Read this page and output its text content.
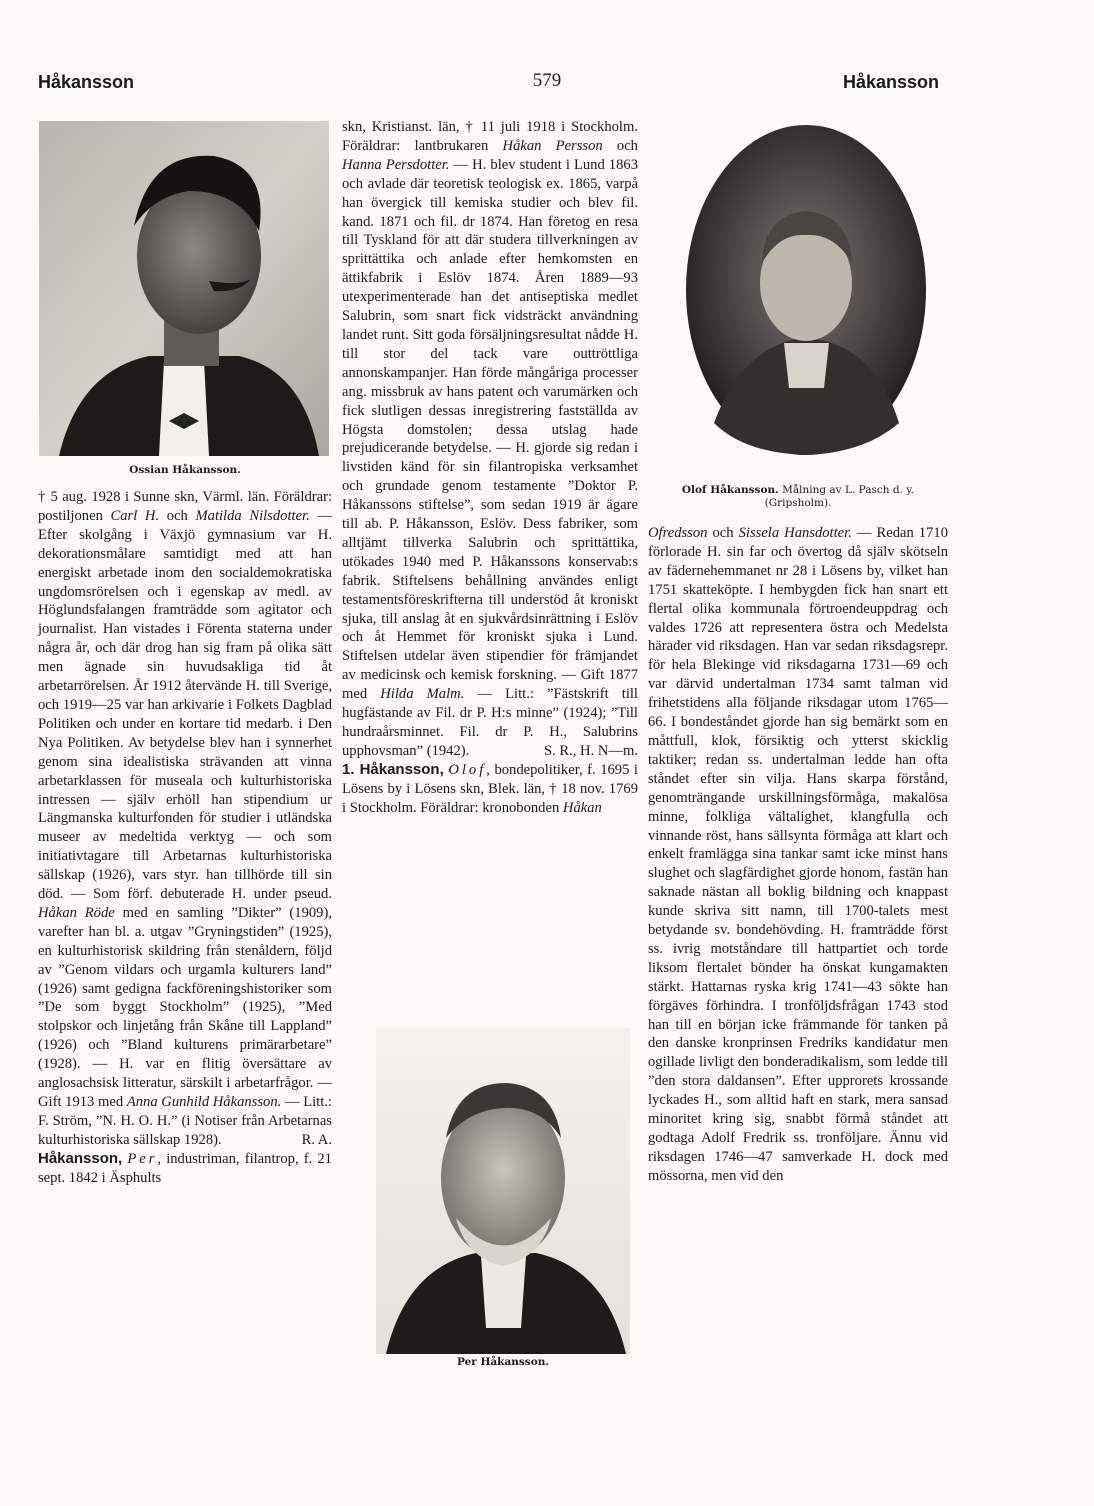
Håkansson	579	Håkansson
Ossian Håkansson.
Olof Håkansson. Målning av L. Pasch d. y.
(Gripsholm).
Per Håkansson.

† 5 aug. 1928 i Sunne skn, Värml. län. Föräldrar: postiljonen Carl H. och Matilda Nilsdotter. — Efter skolgång i Växjö gymnasium var H. dekorationsmålare samtidigt med att han energiskt arbetade inom den socialdemokratiska ungdomsrörelsen och i egenskap av medl. av Höglundsfalangen framträdde som agitator och journalist. Han vistades i Förenta staterna under några år, och där drog han sig fram på olika sätt men ägnade sin huvudsakliga tid åt arbetarrörelsen. År 1912 återvände H. till Sverige, och 1919—25 var han arkivarie i Folkets Dagblad Politiken och under en kortare tid medarb. i Den Nya Politiken. Av betydelse blev han i synnerhet genom sina idealistiska strävanden att vinna arbetarklassen för museala och kulturhistoriska intressen — själv erhöll han stipendium ur Längmanska kulturfonden för studier i utländska museer av medeltida verktyg — och som initiativtagare till Arbetarnas kulturhistoriska sällskap (1926), vars styr. han tillhörde till sin död. — Som förf. debuterade H. under pseud. Håkan Röde med en samling ”Dikter” (1909), varefter han bl. a. utgav ”Gryningstiden” (1925), en kulturhistorisk skildring från stenåldern, följd av ”Genom vildars och urgamla kulturers land” (1926) samt gedigna fackföreningshistoriker som ”De som byggt Stockholm” (1925), ”Med stolpskor och linjetång från Skåne till Lappland” (1926) och ”Bland kulturens primärarbetare” (1928). — H. var en flitig översättare av anglosachsisk litteratur, särskilt i arbetarfrågor. — Gift 1913 med Anna Gunhild Håkansson. — Litt.: F. Ström, ”N. H. O. H.” (i Notiser från Arbetarnas kulturhistoriska sällskap 1928).	R. A.

Håkansson, Per, industriman, filantrop, f. 21 sept. 1842 i Äsphults

skn, Kristianst. län, † 11 juli 1918 i Stockholm. Föräldrar: lantbrukaren Håkan Persson och Hanna Persdotter. — H. blev student i Lund 1863 och avlade där teoretisk teologisk ex. 1865, varpå han övergick till kemiska studier och blev fil. kand. 1871 och fil. dr 1874. Han företog en resa till Tyskland för att där studera tillverkningen av sprittättika och anlade efter hemkomsten en ättikfabrik i Eslöv 1874. Åren 1889—93 utexperimenterade han det antiseptiska medlet Salubrin, som snart fick vidsträckt användning landet runt. Sitt goda försäljningsresultat nådde H. till stor del tack vare outtröttliga annonskampanjer. Han förde mångåriga processer ang. missbruk av hans patent och varumärken och fick slutligen dessas inregistrering fastställda av Högsta domstolen; dessa utslag hade prejudicerande betydelse. — H. gjorde sig redan i livstiden känd för sin filantropiska verksamhet och grundade genom testamente ”Doktor P. Håkanssons stiftelse”, som sedan 1919 är ägare till ab. P. Håkansson, Eslöv. Dess fabriker, som alltjämt tillverka Salubrin och sprittättika, utökades 1940 med P. Håkanssons konservab:s fabrik. Stiftelsens behållning användes enligt testamentsföreskrifterna till understöd åt kroniskt sjuka, till anslag åt en sjukvårdsinrättning i Eslöv och åt Hemmet för kroniskt sjuka i Lund. Stiftelsen utdelar även stipendier för främjandet av medicinsk och kemisk forskning. — Gift 1877 med Hilda Malm. — Litt.: ”Fästskrift till hugfästande av Fil. dr P. H:s minne” (1924); ”Till hundraårsminnet. Fil. dr P. H., Salubrins upphovsman” (1942).	S. R., H. N—m.

1. Håkansson, Olof, bondepolitiker, f. 1695 i Lösens by i Lösens skn, Blek. län, † 18 nov. 1769 i Stockholm. Föräldrar: kronobonden Håkan

Ofredsson och Sissela Hansdotter. — Redan 1710 förlorade H. sin far och övertog då själv skötseln av fädernehemmanet nr 28 i Lösens by, vilket han 1751 skatteköpte. I hembygden fick han snart ett flertal olika kommunala förtroendeuppdrag och valdes 1726 att representera östra och Medelsta härader vid riksdagen. Han var sedan riksdagsrepr. för hela Blekinge vid riksdagarna 1731—69 och var därvid undertalman 1734 samt talman vid frihetstidens alla följande riksdagar utom 1765—66. I bondeståndet gjorde han sig bemärkt som en måttfull, klok, försiktig och ytterst skicklig taktiker; redan ss. undertalman ledde han ofta ståndet efter sin vilja. Hans skarpa förstånd, genomträngande urskillningsförmåga, makalösa minne, folkliga vältalighet, klangfulla och vinnande röst, hans sällsynta förmåga att klart och enkelt framlägga sina tankar samt icke minst hans slughet och slagfärdighet gjorde honom, fastän han saknade nästan all boklig bildning och knappast kunde skriva sitt namn, till 1700-talets mest betydande sv. bondehövding. H. framträdde först ss. ivrig motståndare till hattpartiet och torde liksom flertalet bönder ha önskat kungamakten stärkt. Hattarnas ryska krig 1741—43 sökte han förgäves förhindra. I tronföljdsfrågan 1743 stod han till en början icke främmande för tanken på den danske kronprinsen Fredriks kandidatur men ogillade livligt den bonderadikalism, som ledde till ”den stora daldansen”. Efter upprorets krossande lyckades H., som alltid haft en stark, mera sansad minoritet kring sig, snabbt förmå ståndet att godtaga Adolf Fredrik ss. tronföljare. Ännu vid riksdagen 1746—47 samverkade H. dock med mössorna, men vid den
